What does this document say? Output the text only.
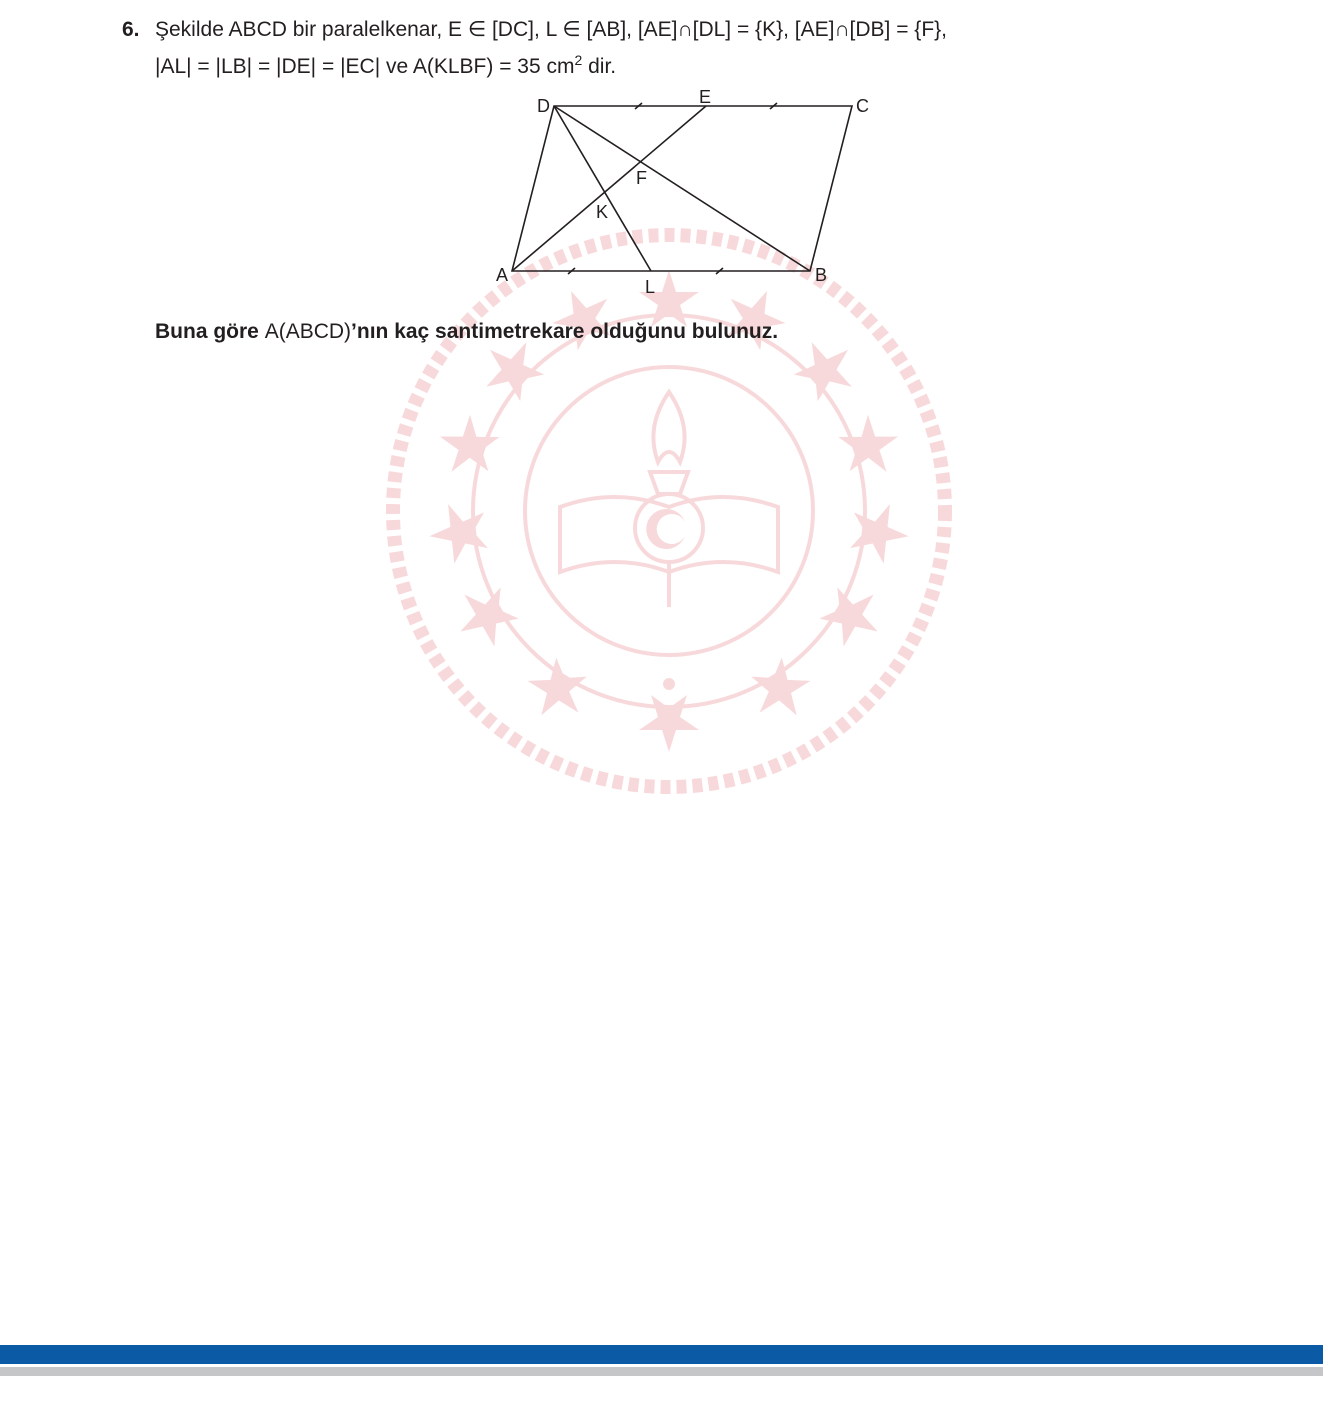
6. Şekilde ABCD bir paralelkenar, E ∈ [DC], L ∈ [AB], [AE]∩[DL] = {K}, [AE]∩[DB] = {F},
|AL| = |LB| = |DE| = |EC| ve A(KLBF) = 35 $cm^2$ dir.
D	E	C
F
K
A	B
L
Buna göre A(ABCD)’nın kaç santimetrekare olduğunu bulunuz.
